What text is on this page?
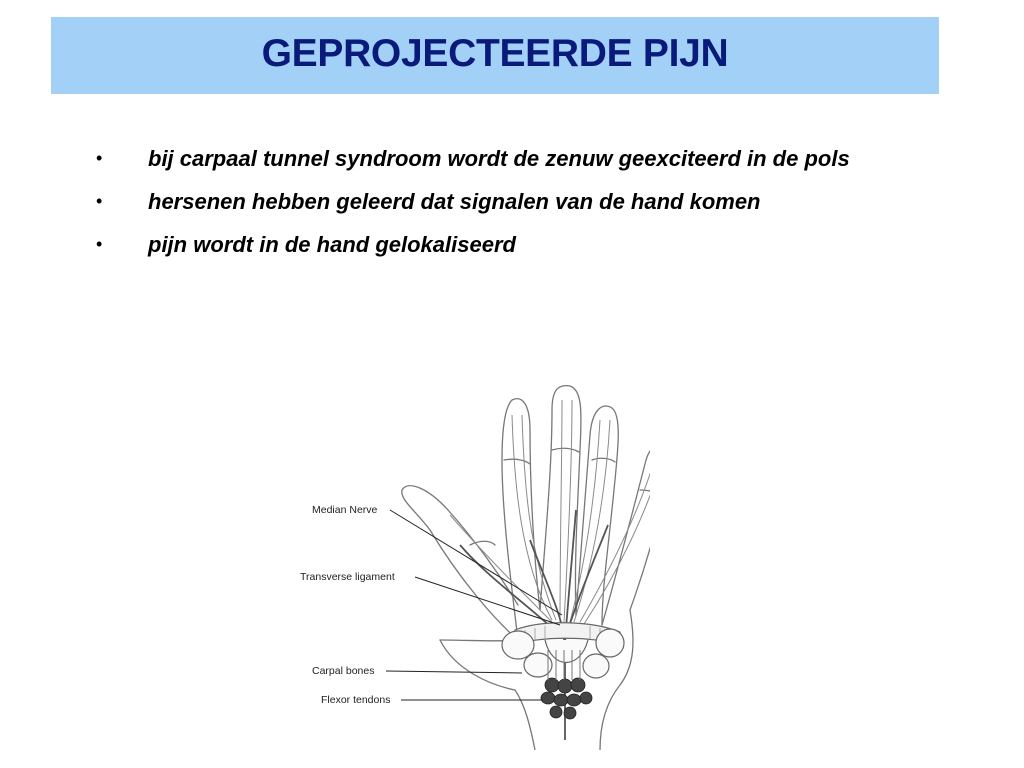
GEPROJECTEERDE PIJN
• bij carpaal tunnel syndroom wordt de zenuw geexciteerd in de pols
• hersenen hebben geleerd dat signalen van de hand komen
• pijn wordt in de hand gelokaliseerd
Median Nerve
Transverse ligament
Carpal bones
Flexor tendons
